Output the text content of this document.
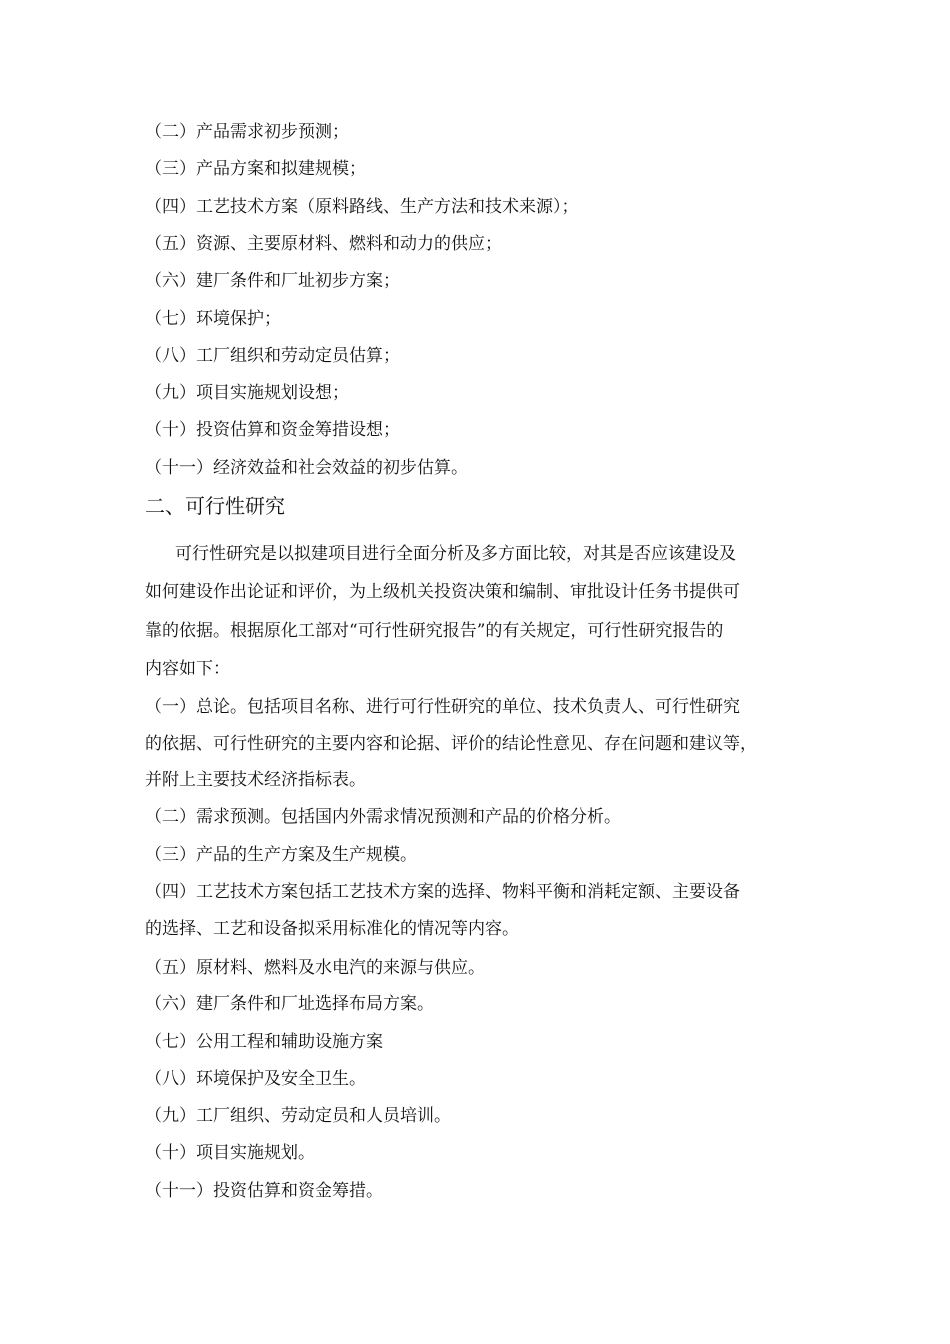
（二）产品需求初步预测；
（三）产品方案和拟建规模；
（四）工艺技术方案（原料路线、生产方法和技术来源）；
（五）资源、主要原材料、燃料和动力的供应；
（六）建厂条件和厂址初步方案；
（七）环境保护；
（八）工厂组织和劳动定员估算；
（九）项目实施规划设想；
（十）投资估算和资金筹措设想；
（十一）经济效益和社会效益的初步估算。
二、可行性研究
可行性研究是以拟建项目进行全面分析及多方面比较，对其是否应该建设及
如何建设作出论证和评价，为上级机关投资决策和编制、审批设计任务书提供可
靠的依据。根据原化工部对“可行性研究报告”的有关规定，可行性研究报告的
内容如下：
（一）总论。包括项目名称、进行可行性研究的单位、技术负责人、可行性研究
的依据、可行性研究的主要内容和论据、评价的结论性意见、存在问题和建议等，
并附上主要技术经济指标表。
（二）需求预测。包括国内外需求情况预测和产品的价格分析。
（三）产品的生产方案及生产规模。
（四）工艺技术方案包括工艺技术方案的选择、物料平衡和消耗定额、主要设备
的选择、工艺和设备拟采用标准化的情况等内容。
（五）原材料、燃料及水电汽的来源与供应。
（六）建厂条件和厂址选择布局方案。
（七）公用工程和辅助设施方案
（八）环境保护及安全卫生。
（九）工厂组织、劳动定员和人员培训。
（十）项目实施规划。
（十一）投资估算和资金筹措。
